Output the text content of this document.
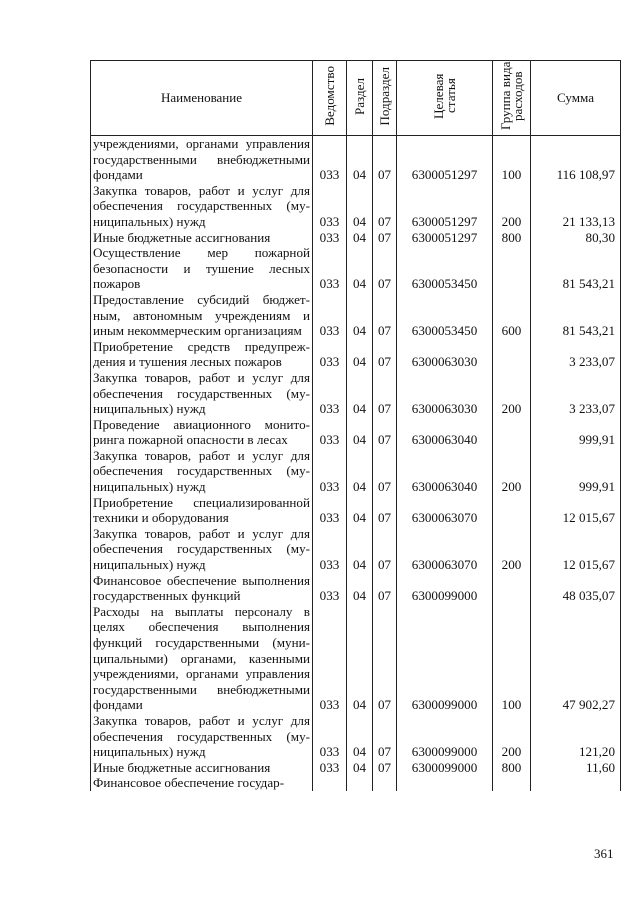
Наименование	Ведомство	Раздел	Подраздел	Целевая статья	Группа вида расходов	Сумма
учреждениями, органами управления государственными внебюджетными фондами	033	04	07	6300051297	100	116 108,97
Закупка товаров, работ и услуг для обеспечения государственных (муниципальных) нужд	033	04	07	6300051297	200	21 133,13
Иные бюджетные ассигнования	033	04	07	6300051297	800	80,30
Осуществление мер пожарной безопасности и тушение лесных пожаров	033	04	07	6300053450		81 543,21
Предоставление субсидий бюджетным, автономным учреждениям и иным некоммерческим организациям	033	04	07	6300053450	600	81 543,21
Приобретение средств предупреждения и тушения лесных пожаров	033	04	07	6300063030		3 233,07
Закупка товаров, работ и услуг для обеспечения государственных (муниципальных) нужд	033	04	07	6300063030	200	3 233,07
Проведение авиационного мониторинга пожарной опасности в лесах	033	04	07	6300063040		999,91
Закупка товаров, работ и услуг для обеспечения государственных (муниципальных) нужд	033	04	07	6300063040	200	999,91
Приобретение специализированной техники и оборудования	033	04	07	6300063070		12 015,67
Закупка товаров, работ и услуг для обеспечения государственных (муниципальных) нужд	033	04	07	6300063070	200	12 015,67
Финансовое обеспечение выполнения государственных функций	033	04	07	6300099000		48 035,07
Расходы на выплаты персоналу в целях обеспечения выполнения функций государственными (муниципальными) органами, казенными учреждениями, органами управления государственными внебюджетными фондами	033	04	07	6300099000	100	47 902,27
Закупка товаров, работ и услуг для обеспечения государственных (муниципальных) нужд	033	04	07	6300099000	200	121,20
Иные бюджетные ассигнования	033	04	07	6300099000	800	11,60
Финансовое обеспечение государ-						
361
